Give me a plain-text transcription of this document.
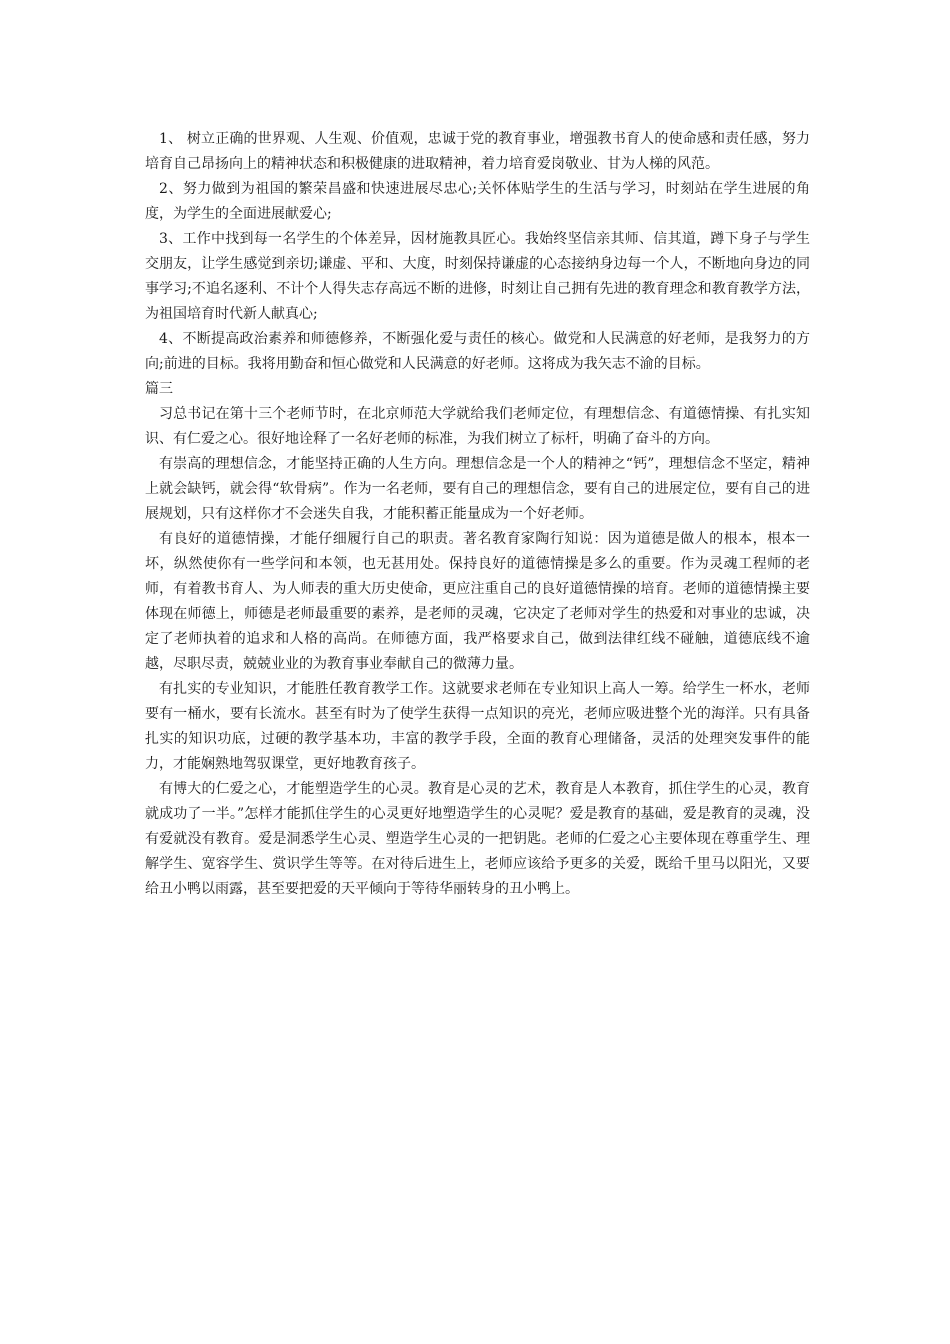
1、 树立正确的世界观、人生观、价值观，忠诚于党的教育事业，增强教书育人的使命感和责任感，努力培育自己昂扬向上的精神状态和积极健康的进取精神，着力培育爱岗敬业、甘为人梯的风范。

2、努力做到为祖国的繁荣昌盛和快速进展尽忠心;关怀体贴学生的生活与学习，时刻站在学生进展的角度，为学生的全面进展献爱心;

3、工作中找到每一名学生的个体差异，因材施教具匠心。我始终坚信亲其师、信其道，蹲下身子与学生交朋友，让学生感觉到亲切;谦虚、平和、大度，时刻保持谦虚的心态接纳身边每一个人，不断地向身边的同事学习;不追名逐利、不计个人得失志存高远不断的进修，时刻让自己拥有先进的教育理念和教育教学方法，为祖国培育时代新人献真心;

4、不断提高政治素养和师德修养，不断强化爱与责任的核心。做党和人民满意的好老师，是我努力的方向;前进的目标。我将用勤奋和恒心做党和人民满意的好老师。这将成为我矢志不渝的目标。

篇三

习总书记在第十三个老师节时，在北京师范大学就给我们老师定位，有理想信念、有道德情操、有扎实知识、有仁爱之心。很好地诠释了一名好老师的标准，为我们树立了标杆，明确了奋斗的方向。

有崇高的理想信念，才能坚持正确的人生方向。理想信念是一个人的精神之“钙”，理想信念不坚定，精神上就会缺钙，就会得“软骨病”。作为一名老师，要有自己的理想信念，要有自己的进展定位，要有自己的进展规划，只有这样你才不会迷失自我，才能积蓄正能量成为一个好老师。

有良好的道德情操，才能仔细履行自己的职责。著名教育家陶行知说：因为道德是做人的根本，根本一坏，纵然使你有一些学问和本领，也无甚用处。保持良好的道德情操是多么的重要。作为灵魂工程师的老师，有着教书育人、为人师表的重大历史使命，更应注重自己的良好道德情操的培育。老师的道德情操主要体现在师德上，师德是老师最重要的素养，是老师的灵魂，它决定了老师对学生的热爱和对事业的忠诚，决定了老师执着的追求和人格的高尚。在师德方面，我严格要求自己，做到法律红线不碰触，道德底线不逾越，尽职尽责，兢兢业业的为教育事业奉献自己的微薄力量。

有扎实的专业知识，才能胜任教育教学工作。这就要求老师在专业知识上高人一筹。给学生一杯水，老师要有一桶水，要有长流水。甚至有时为了使学生获得一点知识的亮光，老师应吸进整个光的海洋。只有具备扎实的知识功底，过硬的教学基本功，丰富的教学手段，全面的教育心理储备，灵活的处理突发事件的能力，才能娴熟地驾驭课堂，更好地教育孩子。

有博大的仁爱之心，才能塑造学生的心灵。教育是心灵的艺术，教育是人本教育，抓住学生的心灵，教育就成功了一半。”怎样才能抓住学生的心灵更好地塑造学生的心灵呢？爱是教育的基础，爱是教育的灵魂，没有爱就没有教育。爱是洞悉学生心灵、塑造学生心灵的一把钥匙。老师的仁爱之心主要体现在尊重学生、理解学生、宽容学生、赏识学生等等。在对待后进生上，老师应该给予更多的关爱，既给千里马以阳光，又要给丑小鸭以雨露，甚至要把爱的天平倾向于等待华丽转身的丑小鸭上。
